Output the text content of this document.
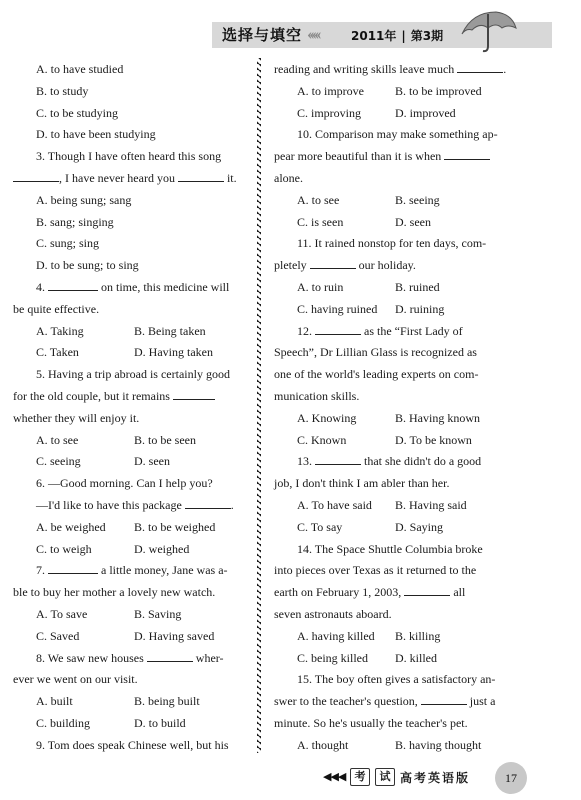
选择与填空 ‹‹‹‹‹	2011年 | 第3期
A. to have studied
B. to study
C. to be studying
D. to have been studying
3. Though I have often heard this song
, I have never heard you	it.
A. being sung; sang
B. sang; singing
C. sung; sing
D. to be sung; to sing
4.	on time, this medicine will
be quite effective.
A. Taking	B. Being taken
C. Taken	D. Having taken
5. Having a trip abroad is certainly good
for the old couple, but it remains
whether they will enjoy it.
A. to see	B. to be seen
C. seeing	D. seen
6. —Good morning. Can I help you?
—I'd like to have this package	.
A. be weighed B. to be weighed
C. to weigh	D. weighed
7.	a little money, Jane was a-
ble to buy her mother a lovely new watch.
A. To save	B. Saving
C. Saved	D. Having saved
8. We saw new houses	wher-
ever we went on our visit.
A. built	B. being built
C. building	D. to build
9. Tom does speak Chinese well, but his
reading and writing skills leave much	.
A. to improve	B. to be improved
C. improving	D. improved
10. Comparison may make something ap-
pear more beautiful than it is when
alone.
A. to see	B. seeing
C. is seen	D. seen
11. It rained nonstop for ten days, com-
pletely	our holiday.
A. to ruin	B. ruined
C. having ruined D. ruining
12.	as the “First Lady of
Speech”, Dr Lillian Glass is recognized as
one of the world's leading experts on com-
munication skills.
A. Knowing	B. Having known
C. Known	D. To be known
13.	that she didn't do a good
job, I don't think I am abler than her.
A. To have said B. Having said
C. To say	D. Saying
14. The Space Shuttle Columbia broke
into pieces over Texas as it returned to the
earth on February 1, 2003,	all
seven astronauts aboard.
A. having killed B. killing
C. being killed D. killed
15. The boy often gives a satisfactory an-
swer to the teacher's question,	just a
minute. So he's usually the teacher's pet.
A. thought	B. having thought
◀◀◀ 考	试 高考英语版	17
